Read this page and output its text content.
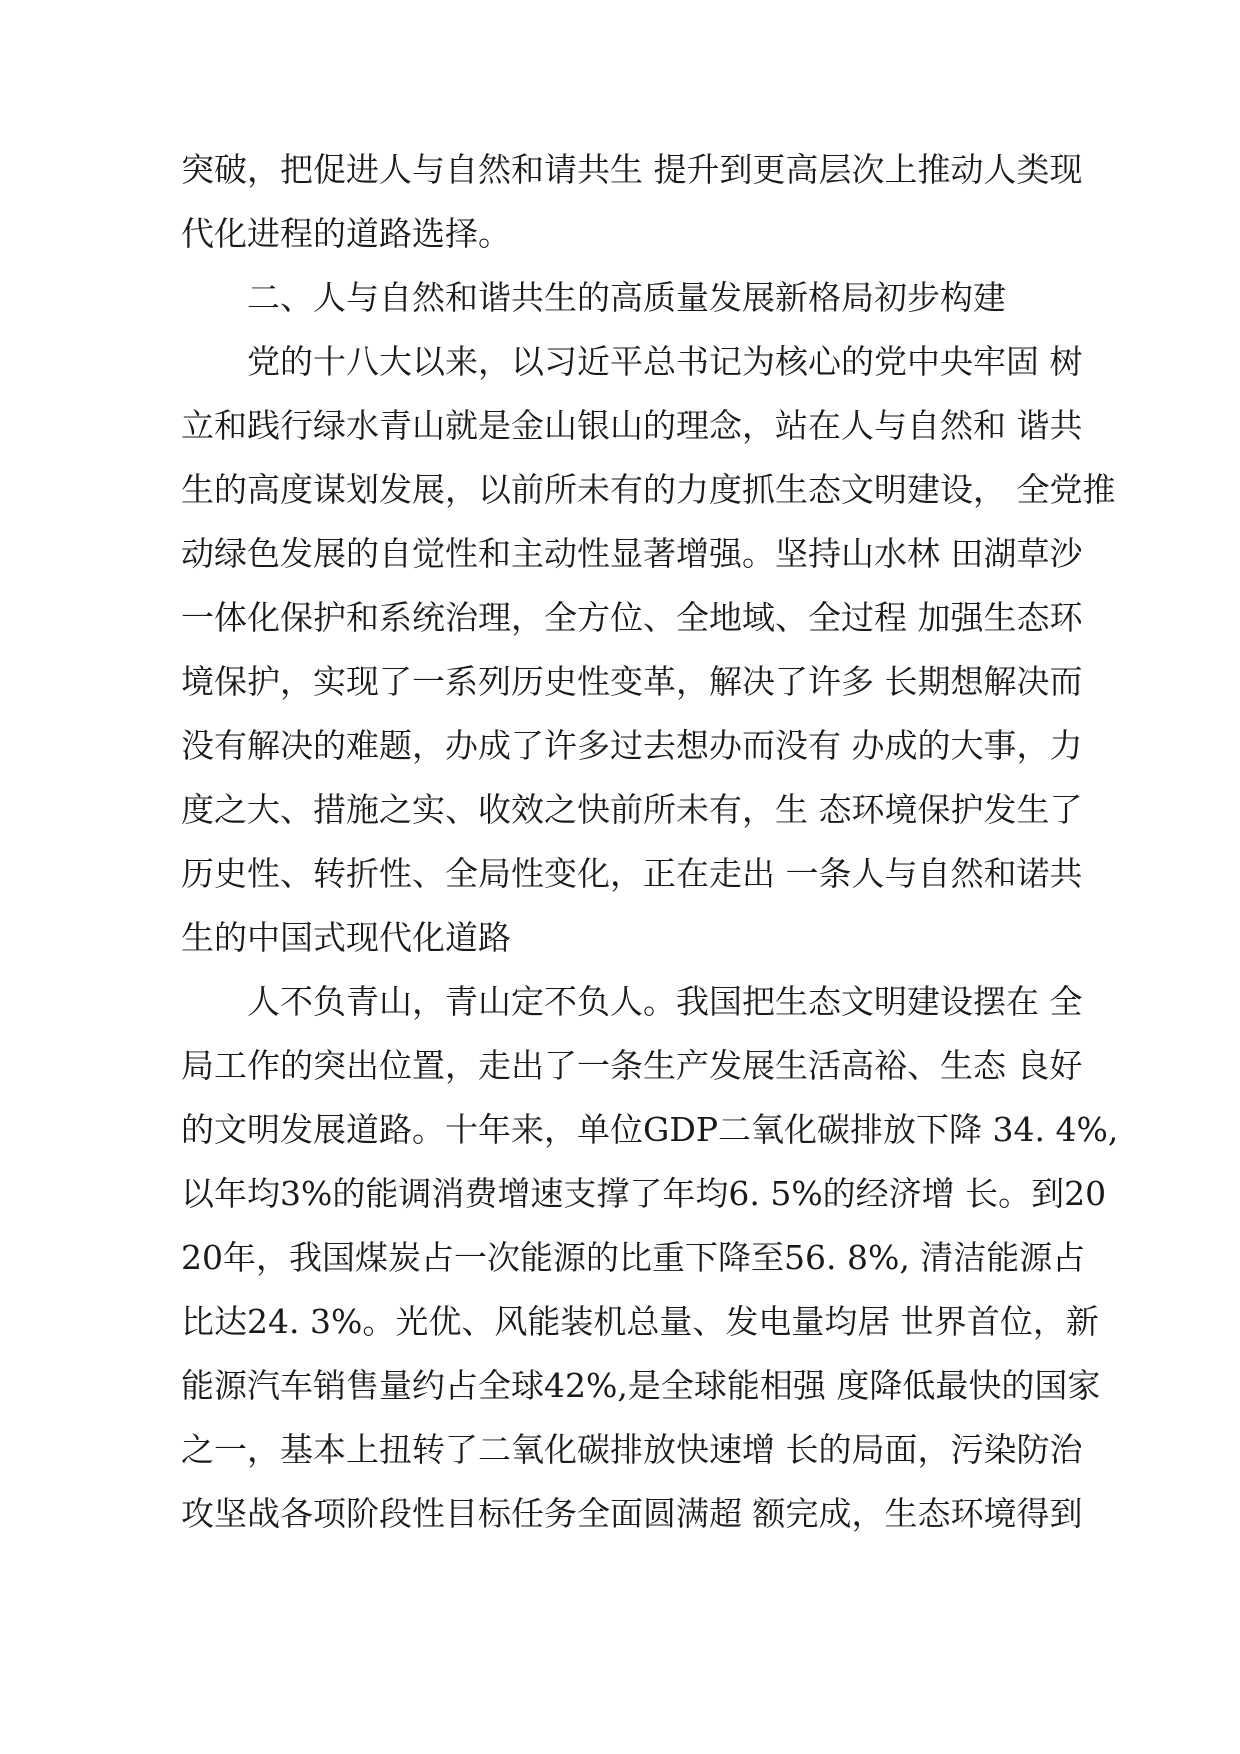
突破，把促进人与自然和请共生 提升到更高层次上推动人类现
代化进程的道路选择。
二、人与自然和谐共生的高质量发展新格局初步构建
党的十八大以来，以习近平总书记为核心的党中央牢固 树
立和践行绿水青山就是金山银山的理念，站在人与自然和 谐共
生的高度谋划发展，以前所未有的力度抓生态文明建设， 全党推
动绿色发展的自觉性和主动性显著增强。坚持山水林 田湖草沙
一体化保护和系统治理，全方位、全地域、全过程 加强生态环
境保护，实现了一系列历史性变革，解决了许多 长期想解决而
没有解决的难题，办成了许多过去想办而没有 办成的大事，力
度之大、措施之实、收效之快前所未有，生 态环境保护发生了
历史性、转折性、全局性变化，正在走出 一条人与自然和诺共
生的中国式现代化道路
人不负青山，青山定不负人。我国把生态文明建设摆在 全
局工作的突出位置，走出了一条生产发展生活高裕、生态 良好
的文明发展道路。十年来，单位GDP二氧化碳排放下降 34. 4%,
以年均3%的能调消费增速支撑了年均6. 5%的经济增 长。到20
20年，我国煤炭占一次能源的比重下降至56. 8%, 清洁能源占
比达24. 3%。光优、风能装机总量、发电量均居 世界首位，新
能源汽车销售量约占全球42%,是全球能相强 度降低最快的国家
之一，基本上扭转了二氧化碳排放快速增 长的局面，污染防治
攻坚战各项阶段性目标任务全面圆满超 额完成，生态环境得到
